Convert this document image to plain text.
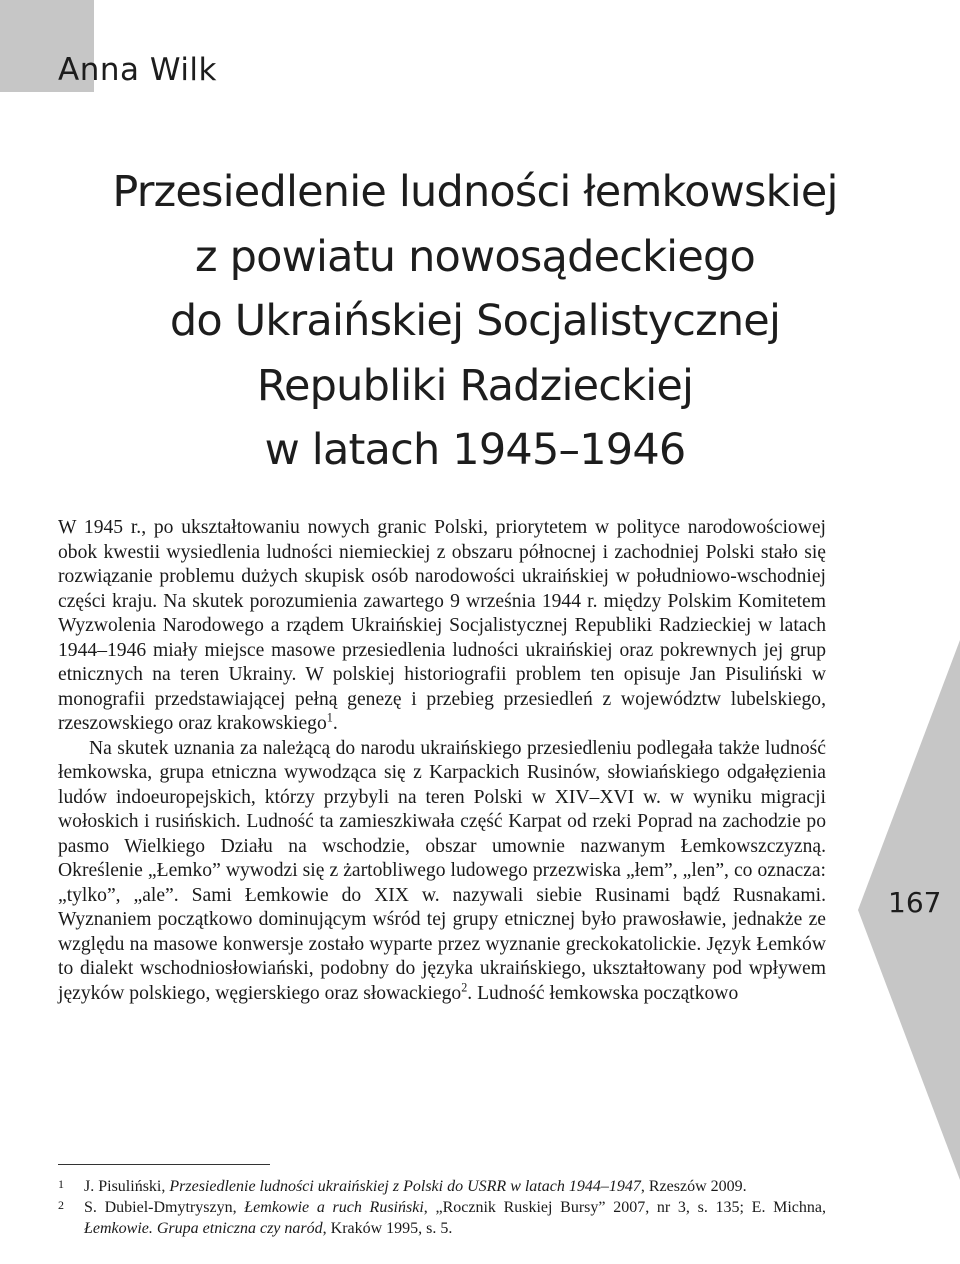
Anna Wilk
Przesiedlenie ludności łemkowskiej
z powiatu nowosądeckiego
do Ukraińskiej Socjalistycznej
Republiki Radzieckiej
w latach 1945–1946

W 1945 r., po ukształtowaniu nowych granic Polski, priorytetem w polityce narodowościowej obok kwestii wysiedlenia ludności niemieckiej z obszaru północnej i zachodniej Polski stało się rozwiązanie problemu dużych skupisk osób narodowości ukraińskiej w południowo-wschodniej części kraju. Na skutek porozumienia zawartego 9 września 1944 r. między Polskim Komitetem Wyzwolenia Narodowego a rządem Ukraińskiej Socjalistycznej Republiki Radzieckiej w latach 1944–1946 miały miejsce masowe przesiedlenia ludności ukraińskiej oraz pokrewnych jej grup etnicznych na teren Ukrainy. W polskiej historiografii problem ten opisuje Jan Pisuliński w monografii przedstawiającej pełną genezę i przebieg przesiedleń z województw lubelskiego, rzeszowskiego oraz krakowskiego$^1$.

Na skutek uznania za należącą do narodu ukraińskiego przesiedleniu podlegała także ludność łemkowska, grupa etniczna wywodząca się z Karpackich Rusinów, słowiańskiego odgałęzienia ludów indoeuropejskich, którzy przybyli na teren Polski w XIV–XVI w. w wyniku migracji wołoskich i rusińskich. Ludność ta zamieszkiwała część Karpat od rzeki Poprad na zachodzie po pasmo Wielkiego Działu na wschodzie, obszar umownie nazwanym Łemkowszczyzną. Określenie „Łemko” wywodzi się z żartobliwego ludowego przezwiska „łem”, „len”, co oznacza: „tylko”, „ale”. Sami Łemkowie do XIX w. nazywali siebie Rusinami bądź Rusnakami. Wyznaniem początkowo dominującym wśród tej grupy etnicznej było prawosławie, jednakże ze względu na masowe konwersje zostało wyparte przez wyznanie greckokatolickie. Język Łemków to dialekt wschodniosłowiański, podobny do języka ukraińskiego, ukształtowany pod wpływem języków polskiego, węgierskiego oraz słowackiego$^2$. Ludność łemkowska początkowo

167
1	J. Pisuliński, Przesiedlenie ludności ukraińskiej z Polski do USRR w latach 1944–1947, Rzeszów 2009.
2	S. Dubiel-Dmytryszyn, Łemkowie a ruch Rusiński, „Rocznik Ruskiej Bursy” 2007, nr 3, s. 135; E. Michna, Łemkowie. Grupa etniczna czy naród, Kraków 1995, s. 5.
